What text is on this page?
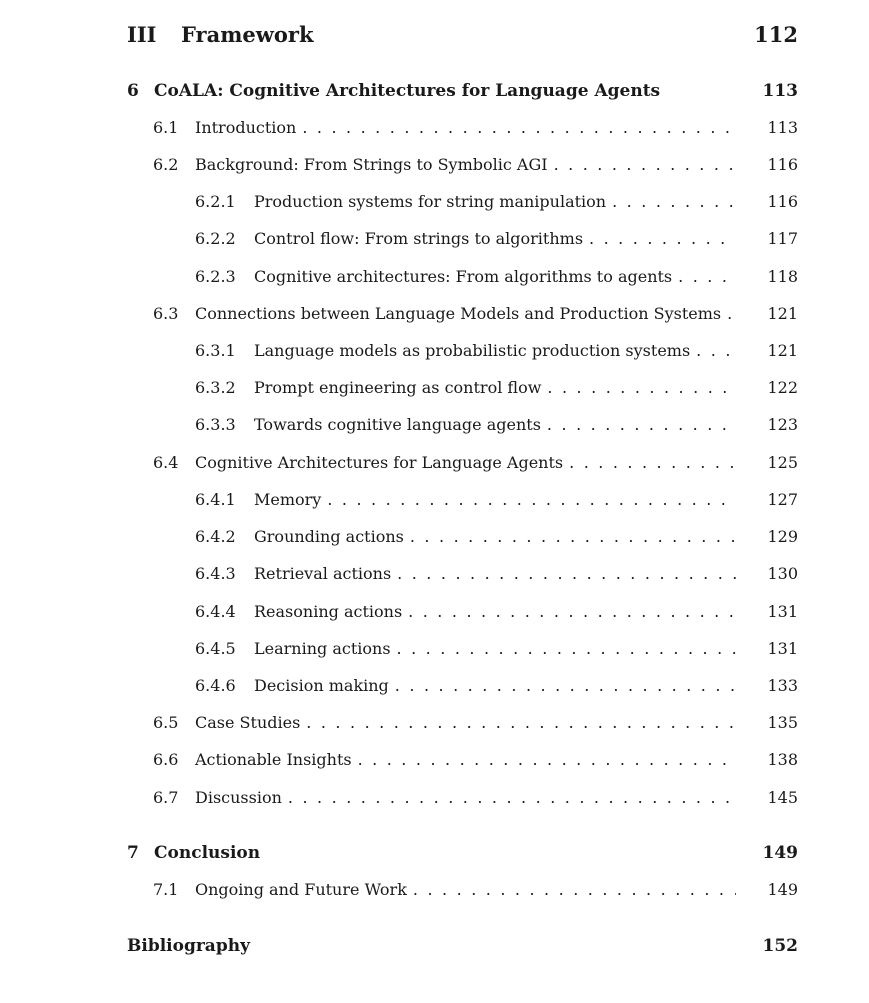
III	Framework	112
6 CoALA: Cognitive Architectures for Language Agents	113
6.1	Introduction . . .	113
6.2	Background: From Strings to Symbolic AGI . . .	116
6.2.1	Production systems for string manipulation . . .	116
6.2.2	Control flow: From strings to algorithms . . .	117
6.2.3	Cognitive architectures: From algorithms to agents . . .	118
6.3	Connections between Language Models and Production Systems . . .	121
6.3.1	Language models as probabilistic production systems . . .	121
6.3.2	Prompt engineering as control flow . . .	122
6.3.3	Towards cognitive language agents . . .	123
6.4	Cognitive Architectures for Language Agents . . .	125
6.4.1	Memory . . .	127
6.4.2	Grounding actions . . .	129
6.4.3	Retrieval actions . . .	130
6.4.4	Reasoning actions . . .	131
6.4.5	Learning actions . . .	131
6.4.6	Decision making . . .	133
6.5	Case Studies . . .	135
6.6	Actionable Insights . . .	138
6.7	Discussion . . .	145
7 Conclusion	149
7.1	Ongoing and Future Work . . .	149
Bibliography	152
